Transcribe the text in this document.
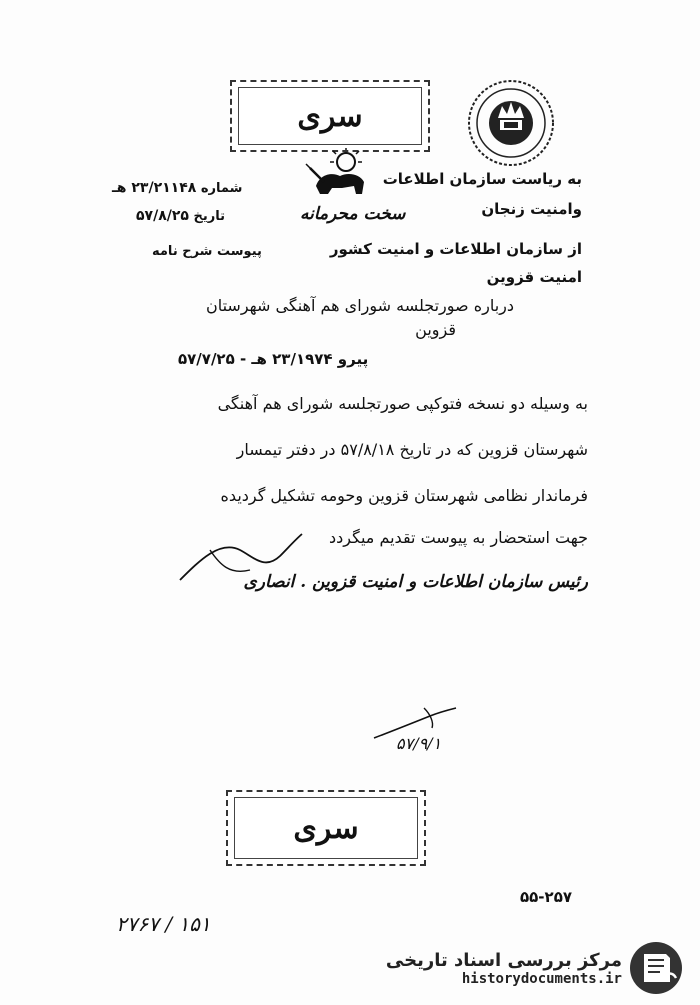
سری
به ریاست سازمان اطلاعات
وامنیت زنجان
شماره ۲۳/۲۱۱۴۸ هـ
تاریخ ۵۷/۸/۲۵
پیوست شرح نامه
سخت‌ محرمانه
از سازمان اطلاعات و امنیت کشور
امنیت قزوین
درباره صورتجلسه شورای هم آهنگی شهرستان
قزوین
پیرو ۲۳/۱۹۷۴ هـ - ۵۷/۷/۲۵
به‌ وسیله دو نسخه فتوکپی صورتجلسه شورای هم آهنگی
شهرستان قزوین که در تاریخ ۵۷/۸/۱۸ در دفتر تیمسار
فرماندار نظامی شهرستان قزوین وحومه تشکیل گردیده
جهت استحضار به پیوست تقدیم میگردد
رئیس سازمان اطلاعات و امنیت قزوین . انصاری
۵۷/۹/۱
سری
۵۵-۲۵۷
۱۵۱ / ۲۷۶۷
مرکز بررسی اسناد تاریخی
historydocuments.ir
